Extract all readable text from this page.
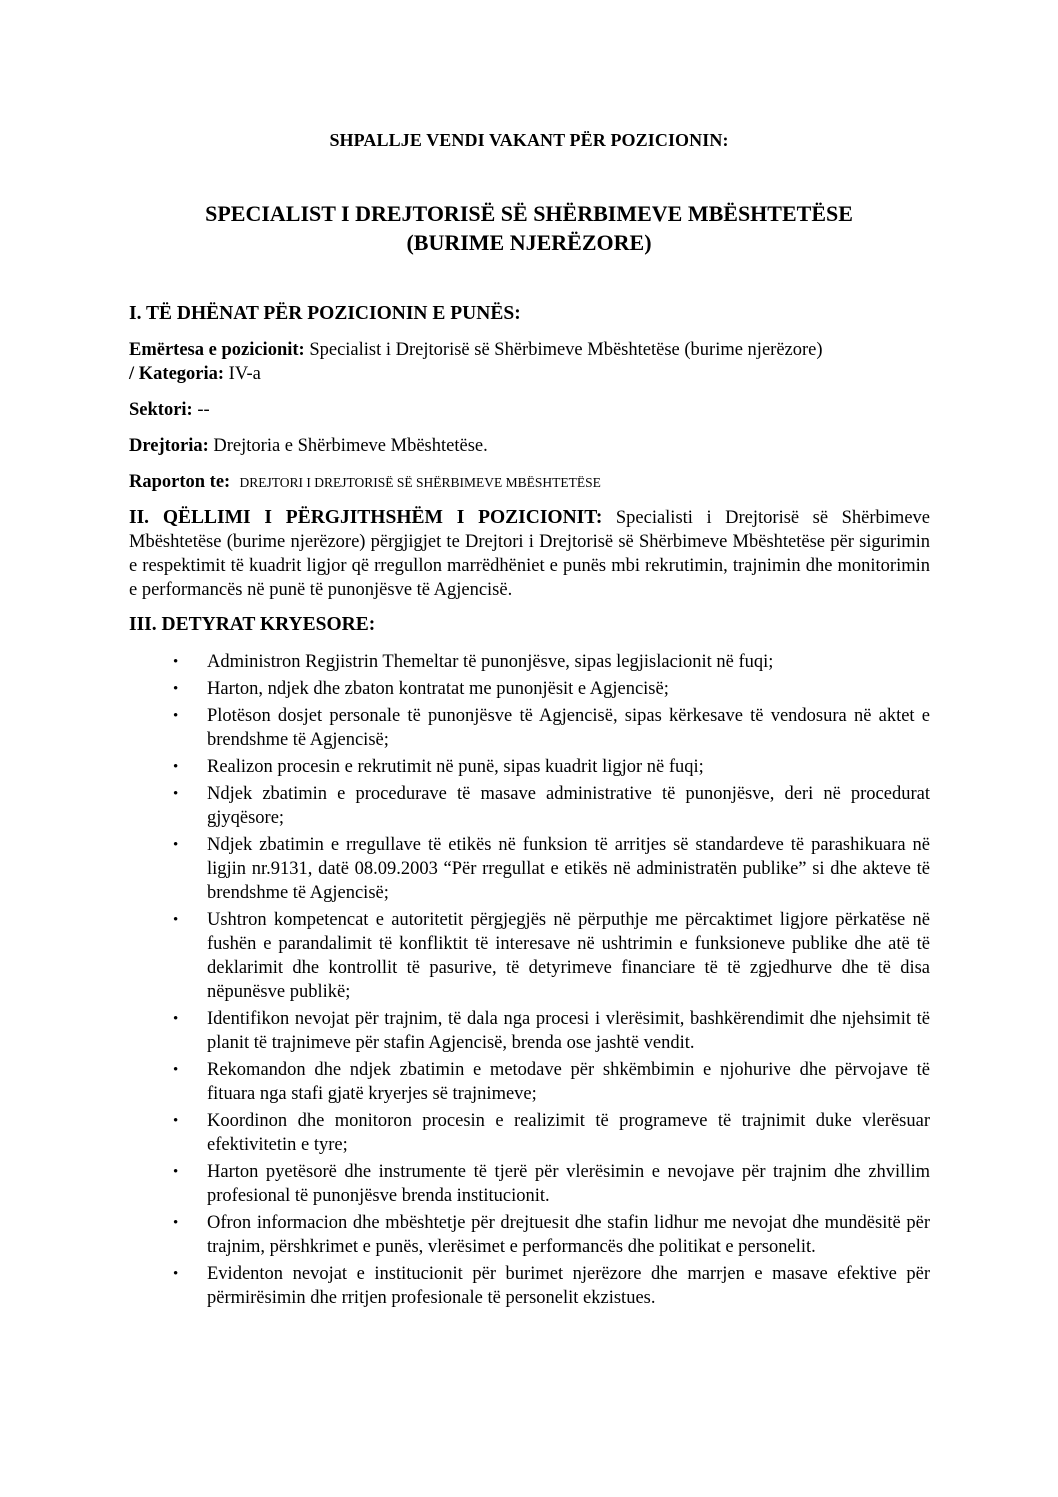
SHPALLJE VENDI VAKANT PËR POZICIONIN:
SPECIALIST I DREJTORISË SË SHËRBIMEVE MBËSHTETËSE
(BURIME NJERËZORE)

I. TË DHËNAT PËR POZICIONIN E PUNËS:

Emërtesa e pozicionit: Specialist i Drejtorisë së Shërbimeve Mbështetëse (burime njerëzore)
/ Kategoria: IV-a

Sektori: --

Drejtoria: Drejtoria e Shërbimeve Mbështetëse.

Raporton te: DREJTORI I DREJTORISË SË SHËRBIMEVE MBËSHTETËSE

II. QËLLIMI I PËRGJITHSHËM I POZICIONIT: Specialisti i Drejtorisë së Shërbimeve Mbështetëse (burime njerëzore) përgjigjet te Drejtori i Drejtorisë së Shërbimeve Mbështetëse për sigurimin e respektimit të kuadrit ligjor që rregullon marrëdhëniet e punës mbi rekrutimin, trajnimin dhe monitorimin e performancës në punë të punonjësve të Agjencisë.

III. DETYRAT KRYESORE:

• Administron Regjistrin Themeltar të punonjësve, sipas legjislacionit në fuqi;
• Harton, ndjek dhe zbaton kontratat me punonjësit e Agjencisë;
• Plotëson dosjet personale të punonjësve të Agjencisë, sipas kërkesave të vendosura në aktet e brendshme të Agjencisë;
• Realizon procesin e rekrutimit në punë, sipas kuadrit ligjor në fuqi;
• Ndjek zbatimin e procedurave të masave administrative të punonjësve, deri në procedurat gjyqësore;
• Ndjek zbatimin e rregullave të etikës në funksion të arritjes së standardeve të parashikuara në ligjin nr.9131, datë 08.09.2003 “Për rregullat e etikës në administratën publike” si dhe akteve të brendshme të Agjencisë;
• Ushtron kompetencat e autoritetit përgjegjës në përputhje me përcaktimet ligjore përkatëse në fushën e parandalimit të konfliktit të interesave në ushtrimin e funksioneve publike dhe atë të deklarimit dhe kontrollit të pasurive, të detyrimeve financiare të të zgjedhurve dhe të disa nëpunësve publikë;
• Identifikon nevojat për trajnim, të dala nga procesi i vlerësimit, bashkërendimit dhe njehsimit të planit të trajnimeve për stafin Agjencisë, brenda ose jashtë vendit.
• Rekomandon dhe ndjek zbatimin e metodave për shkëmbimin e njohurive dhe përvojave të fituara nga stafi gjatë kryerjes së trajnimeve;
• Koordinon dhe monitoron procesin e realizimit të programeve të trajnimit duke vlerësuar efektivitetin e tyre;
• Harton pyetësorë dhe instrumente të tjerë për vlerësimin e nevojave për trajnim dhe zhvillim profesional të punonjësve brenda institucionit.
• Ofron informacion dhe mbështetje për drejtuesit dhe stafin lidhur me nevojat dhe mundësitë për trajnim, përshkrimet e punës, vlerësimet e performancës dhe politikat e personelit.
• Evidenton nevojat e institucionit për burimet njerëzore dhe marrjen e masave efektive për përmirësimin dhe rritjen profesionale të personelit ekzistues.
